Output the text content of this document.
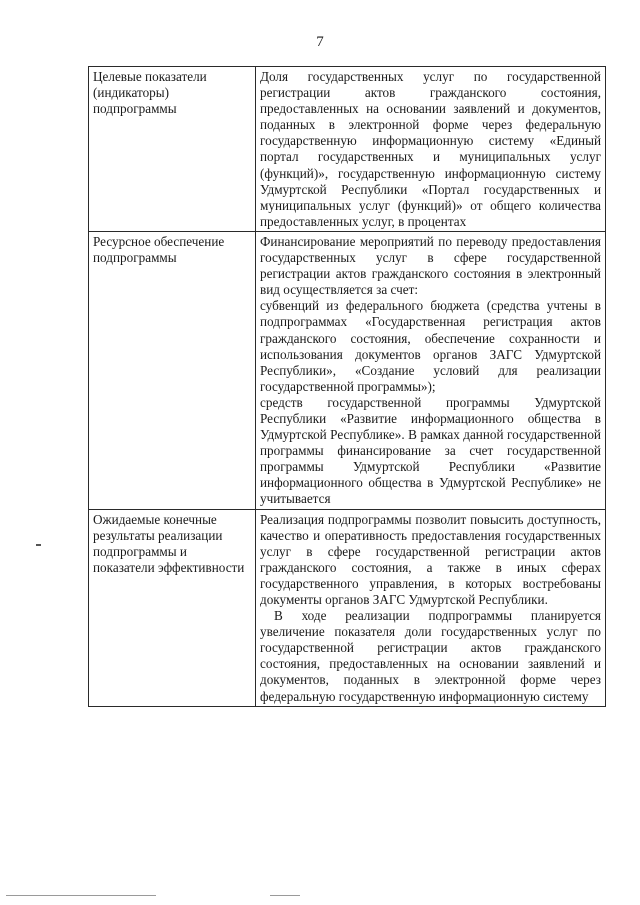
7
Целевые показатели (индикаторы) подпрограммы	Доля государственных услуг по государственной регистрации актов гражданского состояния, предоставленных на основании заявлений и документов, поданных в электронной форме через федеральную государственную информационную систему «Единый портал государственных и муниципальных услуг (функций)», государственную информационную систему Удмуртской Республики «Портал государственных и муниципальных услуг (функций)» от общего количества предоставленных услуг, в процентах

Ресурсное обеспечение подпрограммы	Финансирование мероприятий по переводу предоставления государственных услуг в сфере государственной регистрации актов гражданского состояния в электронный вид осуществляется за счет:
субвенций из федерального бюджета (средства учтены в подпрограммах «Государственная регистрация актов гражданского состояния, обеспечение сохранности и использования документов органов ЗАГС Удмуртской Республики», «Создание условий для реализации государственной программы»);
средств государственной программы Удмуртской Республики «Развитие информационного общества в Удмуртской Республике». В рамках данной государственной программы финансирование за счет государственной программы Удмуртской Республики «Развитие информационного общества в Удмуртской Республике» не учитывается

Ожидаемые конечные результаты реализации подпрограммы и показатели эффективности	Реализация подпрограммы позволит повысить доступность, качество и оперативность предоставления государственных услуг в сфере государственной регистрации актов гражданского состояния, а также в иных сферах государственного управления, в которых востребованы документы органов ЗАГС Удмуртской Республики.
В ходе реализации подпрограммы планируется увеличение показателя доли государственных услуг по государственной регистрации актов гражданского состояния, предоставленных на основании заявлений и документов, поданных в электронной форме через федеральную государственную информационную систему
